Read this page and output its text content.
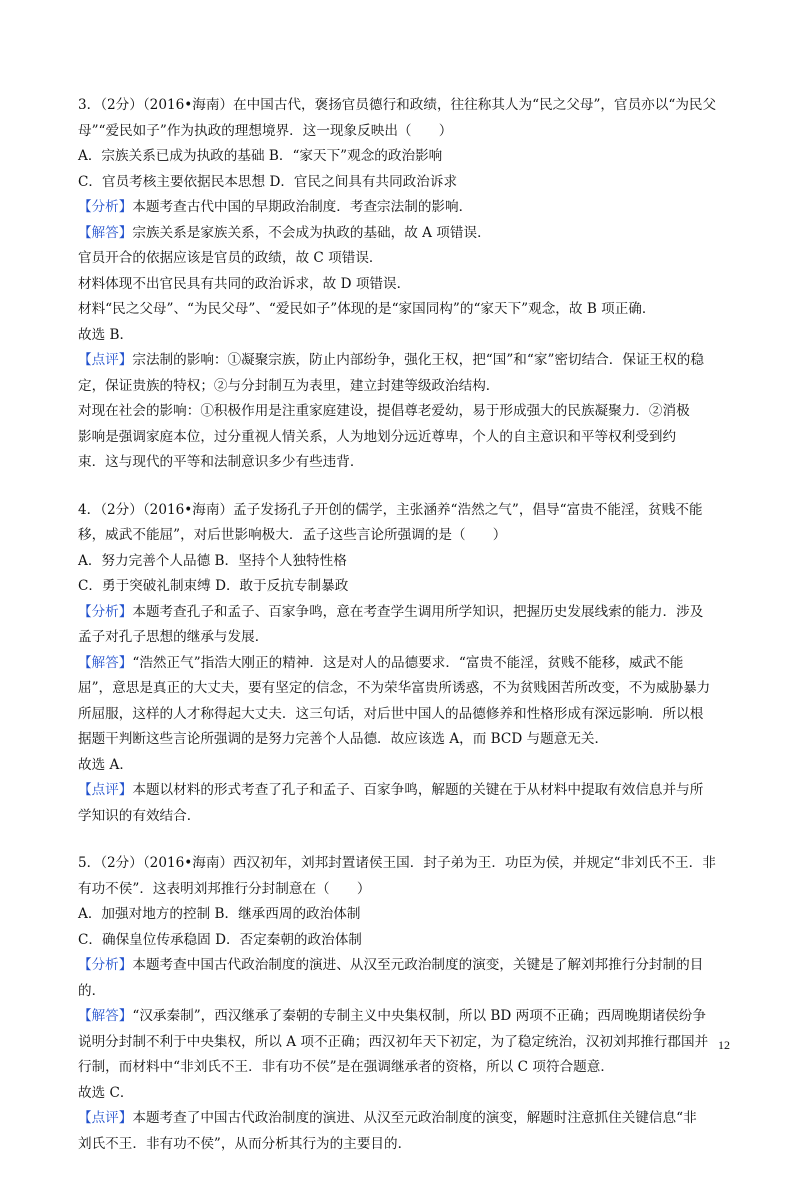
3．（2分）（2016•海南）在中国古代，褒扬官员德行和政绩，往往称其人为“民之父母”，官员亦以“为民父
母”“爱民如子”作为执政的理想境界．这一现象反映出（　　）
A．宗族关系已成为执政的基础 B．“家天下”观念的政治影响
C．官员考核主要依据民本思想 D．官民之间具有共同政治诉求
【分析】本题考查古代中国的早期政治制度．考查宗法制的影响．
【解答】宗族关系是家族关系，不会成为执政的基础，故 A 项错误．
官员开合的依据应该是官员的政绩，故 C 项错误．
材料体现不出官民具有共同的政治诉求，故 D 项错误．
材料“民之父母”、“为民父母”、“爱民如子”体现的是“家国同构”的“家天下”观念，故 B 项正确．
故选 B．
【点评】宗法制的影响：①凝聚宗族，防止内部纷争，强化王权，把“国”和“家”密切结合．保证王权的稳
定，保证贵族的特权；②与分封制互为表里，建立封建等级政治结构．
对现在社会的影响：①积极作用是注重家庭建设，提倡尊老爱幼，易于形成强大的民族凝聚力．②消极
影响是强调家庭本位，过分重视人情关系，人为地划分远近尊卑，个人的自主意识和平等权利受到约
束．这与现代的平等和法制意识多少有些违背．
4．（2分）（2016•海南）孟子发扬孔子开创的儒学，主张涵养“浩然之气”，倡导“富贵不能淫，贫贱不能
移，威武不能屈”，对后世影响极大．孟子这些言论所强调的是（　　）
A．努力完善个人品德 B．坚持个人独特性格
C．勇于突破礼制束缚 D．敢于反抗专制暴政
【分析】本题考查孔子和孟子、百家争鸣，意在考查学生调用所学知识，把握历史发展线索的能力．涉及
孟子对孔子思想的继承与发展．
【解答】“浩然正气”指浩大刚正的精神．这是对人的品德要求．“富贵不能淫，贫贱不能移，威武不能
屈”，意思是真正的大丈夫，要有坚定的信念，不为荣华富贵所诱惑，不为贫贱困苦所改变，不为威胁暴力
所屈服，这样的人才称得起大丈夫．这三句话，对后世中国人的品德修养和性格形成有深远影响．所以根
据题干判断这些言论所强调的是努力完善个人品德．故应该选 A，而 BCD 与题意无关．
故选 A．
【点评】本题以材料的形式考查了孔子和孟子、百家争鸣，解题的关键在于从材料中提取有效信息并与所
学知识的有效结合．
5．（2分）（2016•海南）西汉初年，刘邦封置诸侯王国．封子弟为王．功臣为侯，并规定“非刘氏不王．非
有功不侯”．这表明刘邦推行分封制意在（　　）
A．加强对地方的控制 B．继承西周的政治体制
C．确保皇位传承稳固 D．否定秦朝的政治体制
【分析】本题考查中国古代政治制度的演进、从汉至元政治制度的演变，关键是了解刘邦推行分封制的目
的．
【解答】“汉承秦制”，西汉继承了秦朝的专制主义中央集权制，所以 BD 两项不正确；西周晚期诸侯纷争
说明分封制不利于中央集权，所以 A 项不正确；西汉初年天下初定，为了稳定统治，汉初刘邦推行郡国并
行制，而材料中“非刘氏不王．非有功不侯”是在强调继承者的资格，所以 C 项符合题意．
故选 C．
【点评】本题考查了中国古代政治制度的演进、从汉至元政治制度的演变，解题时注意抓住关键信息“非
刘氏不王．非有功不侯”，从而分析其行为的主要目的．
12
